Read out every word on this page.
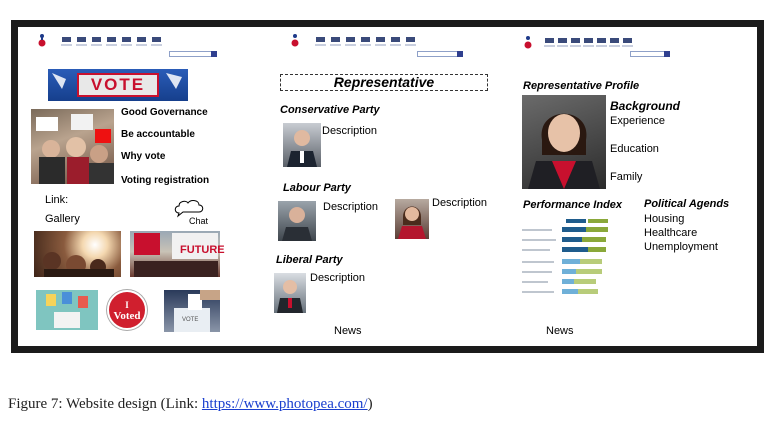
VOTE
Good Governance
Be accountable
Why vote
Voting registration
Link:
Gallery	Chat
FUTURE
I
Voted	VOTE
Representative
Conservative Party
Description
Labour Party
Description	Description
Liberal Party
Description
News
Representative Profile
Background
Experience
Education
Family
Performance Index Political Agends
Housing
Healthcare
Unemployment
News
Figure 7: Website design (Link: https://www.photopea.com/)
